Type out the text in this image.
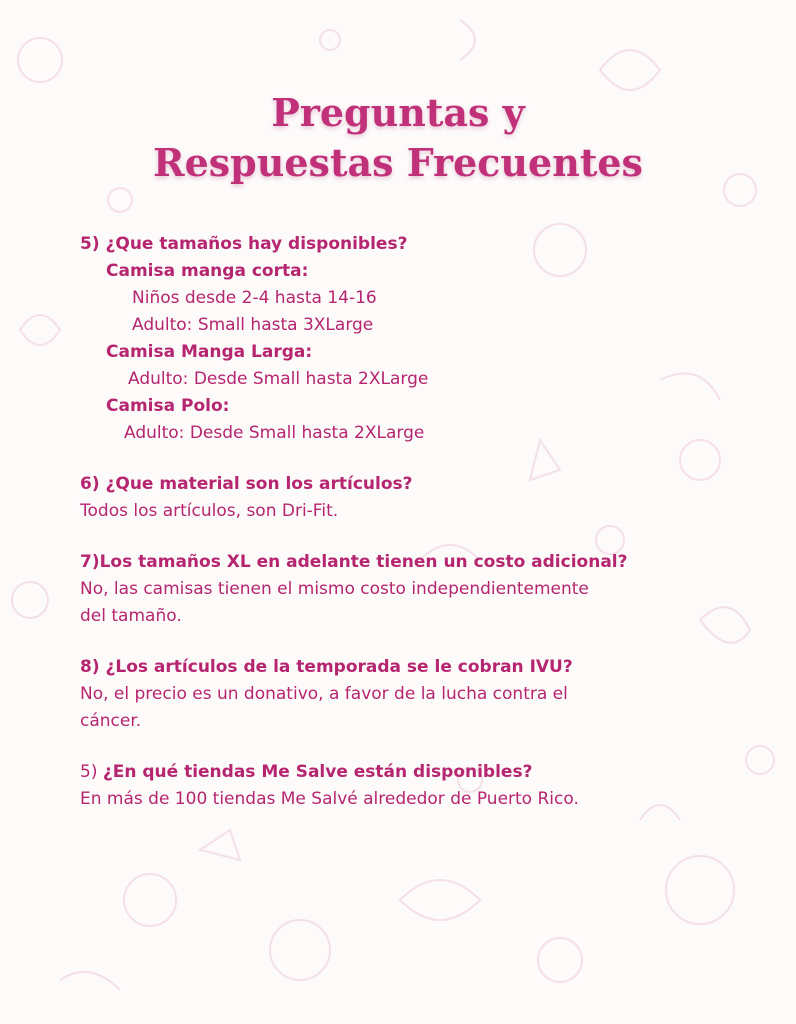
Preguntas y
Respuestas Frecuentes
5) ¿Que tamaños hay disponibles?
Camisa manga corta:
Niños desde 2-4 hasta 14-16
Adulto: Small hasta 3XLarge
Camisa Manga Larga:
Adulto: Desde Small hasta 2XLarge
Camisa Polo:
Adulto: Desde Small hasta 2XLarge
6) ¿Que material son los artículos?
Todos los artículos, son Dri-Fit.
7)Los tamaños XL en adelante tienen un costo adicional?
No, las camisas tienen el mismo costo independientemente
del tamaño.
8) ¿Los artículos de la temporada se le cobran IVU?
No, el precio es un donativo, a favor de la lucha contra el
cáncer.
5) ¿En qué tiendas Me Salve están disponibles?
En más de 100 tiendas Me Salvé alrededor de Puerto Rico.
